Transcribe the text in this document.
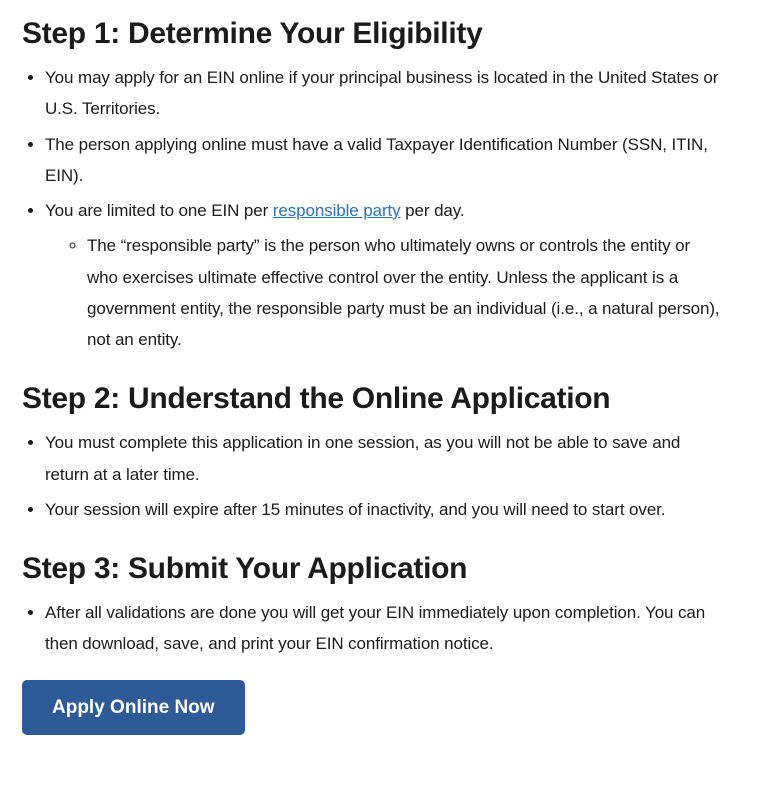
Step 1: Determine Your Eligibility
• You may apply for an EIN online if your principal business is located in the United States or U.S. Territories.
• The person applying online must have a valid Taxpayer Identification Number (SSN, ITIN, EIN).
• You are limited to one EIN per responsible party per day.
◦ The “responsible party” is the person who ultimately owns or controls the entity or who exercises ultimate effective control over the entity. Unless the applicant is a government entity, the responsible party must be an individual (i.e., a natural person), not an entity.
Step 2: Understand the Online Application
• You must complete this application in one session, as you will not be able to save and return at a later time.
• Your session will expire after 15 minutes of inactivity, and you will need to start over.
Step 3: Submit Your Application
• After all validations are done you will get your EIN immediately upon completion. You can then download, save, and print your EIN confirmation notice.
Apply Online Now
